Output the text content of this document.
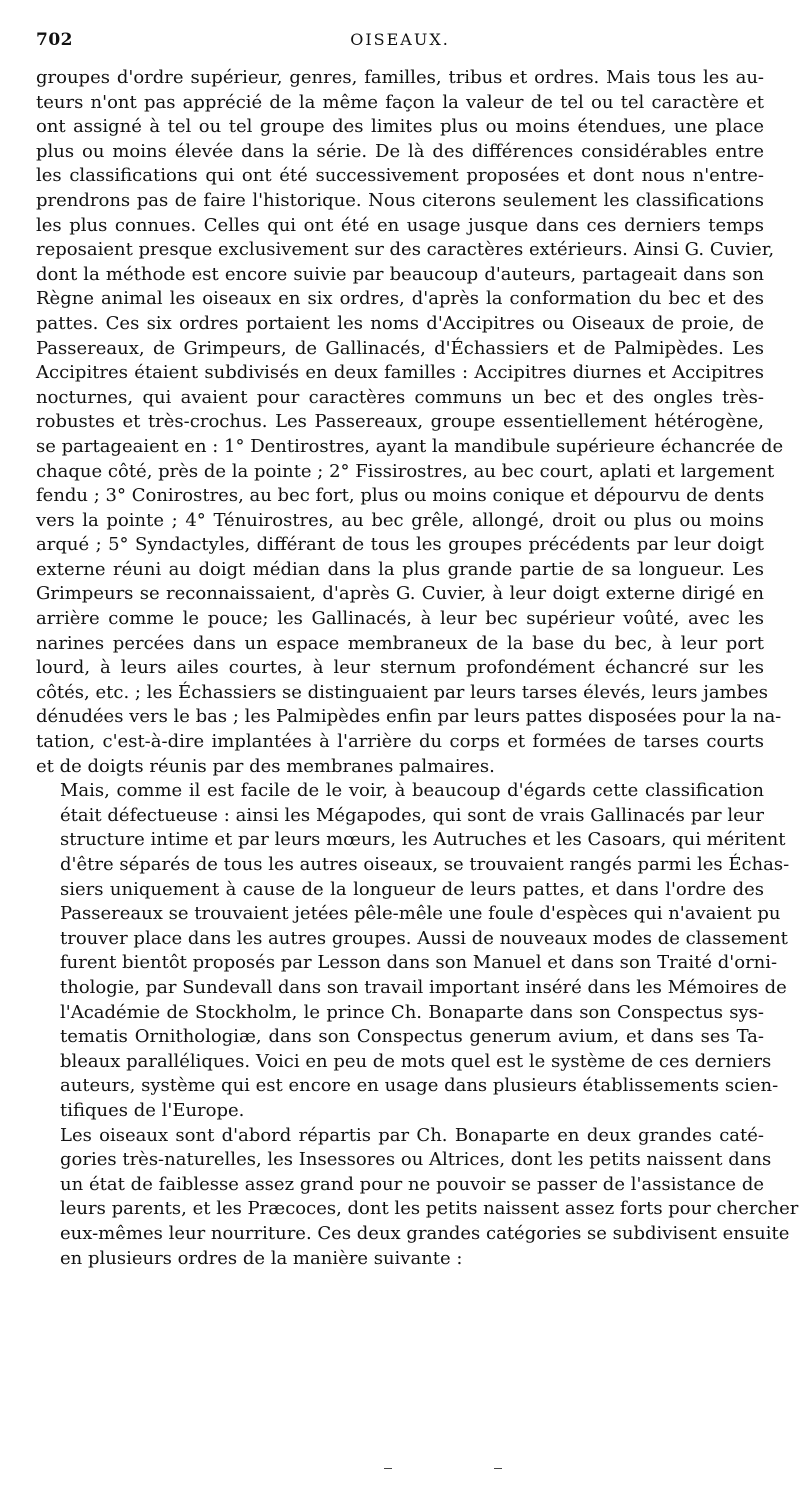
702	OISEAUX.

groupes d'ordre supérieur, genres, familles, tribus et ordres. Mais tous les au-
teurs n'ont pas apprécié de la même façon la valeur de tel ou tel caractère et
ont assigné à tel ou tel groupe des limites plus ou moins étendues, une place
plus ou moins élevée dans la série. De là des différences considérables entre
les classifications qui ont été successivement proposées et dont nous n'entre-
prendrons pas de faire l'historique. Nous citerons seulement les classifications
les plus connues. Celles qui ont été en usage jusque dans ces derniers temps
reposaient presque exclusivement sur des caractères extérieurs. Ainsi G. Cuvier,
dont la méthode est encore suivie par beaucoup d'auteurs, partageait dans son
Règne animal les oiseaux en six ordres, d'après la conformation du bec et des
pattes. Ces six ordres portaient les noms d'Accipitres ou Oiseaux de proie, de
Passereaux, de Grimpeurs, de Gallinacés, d'Échassiers et de Palmipèdes. Les
Accipitres étaient subdivisés en deux familles : Accipitres diurnes et Accipitres
nocturnes, qui avaient pour caractères communs un bec et des ongles très-
robustes et très-crochus. Les Passereaux, groupe essentiellement hétérogène,
se partageaient en : 1° Dentirostres, ayant la mandibule supérieure échancrée de
chaque côté, près de la pointe ; 2° Fissirostres, au bec court, aplati et largement
fendu ; 3° Conirostres, au bec fort, plus ou moins conique et dépourvu de dents
vers la pointe ; 4° Ténuirostres, au bec grêle, allongé, droit ou plus ou moins
arqué ; 5° Syndactyles, différant de tous les groupes précédents par leur doigt
externe réuni au doigt médian dans la plus grande partie de sa longueur. Les
Grimpeurs se reconnaissaient, d'après G. Cuvier, à leur doigt externe dirigé en
arrière comme le pouce; les Gallinacés, à leur bec supérieur voûté, avec les
narines percées dans un espace membraneux de la base du bec, à leur port
lourd, à leurs ailes courtes, à leur sternum profondément échancré sur les
côtés, etc. ; les Échassiers se distinguaient par leurs tarses élevés, leurs jambes
dénudées vers le bas ; les Palmipèdes enfin par leurs pattes disposées pour la na-
tation, c'est-à-dire implantées à l'arrière du corps et formées de tarses courts
et de doigts réunis par des membranes palmaires.

Mais, comme il est facile de le voir, à beaucoup d'égards cette classification
était défectueuse : ainsi les Mégapodes, qui sont de vrais Gallinacés par leur
structure intime et par leurs mœurs, les Autruches et les Casoars, qui méritent
d'être séparés de tous les autres oiseaux, se trouvaient rangés parmi les Échas-
siers uniquement à cause de la longueur de leurs pattes, et dans l'ordre des
Passereaux se trouvaient jetées pêle-mêle une foule d'espèces qui n'avaient pu
trouver place dans les autres groupes. Aussi de nouveaux modes de classement
furent bientôt proposés par Lesson dans son Manuel et dans son Traité d'orni-
thologie, par Sundevall dans son travail important inséré dans les Mémoires de
l'Académie de Stockholm, le prince Ch. Bonaparte dans son Conspectus sys-
tematis Ornithologiæ, dans son Conspectus generum avium, et dans ses Ta-
bleaux paralléliques. Voici en peu de mots quel est le système de ces derniers
auteurs, système qui est encore en usage dans plusieurs établissements scien-
tifiques de l'Europe.

Les oiseaux sont d'abord répartis par Ch. Bonaparte en deux grandes caté-
gories très-naturelles, les Insessores ou Altrices, dont les petits naissent dans
un état de faiblesse assez grand pour ne pouvoir se passer de l'assistance de
leurs parents, et les Præcoces, dont les petits naissent assez forts pour chercher
eux-mêmes leur nourriture. Ces deux grandes catégories se subdivisent ensuite
en plusieurs ordres de la manière suivante :
